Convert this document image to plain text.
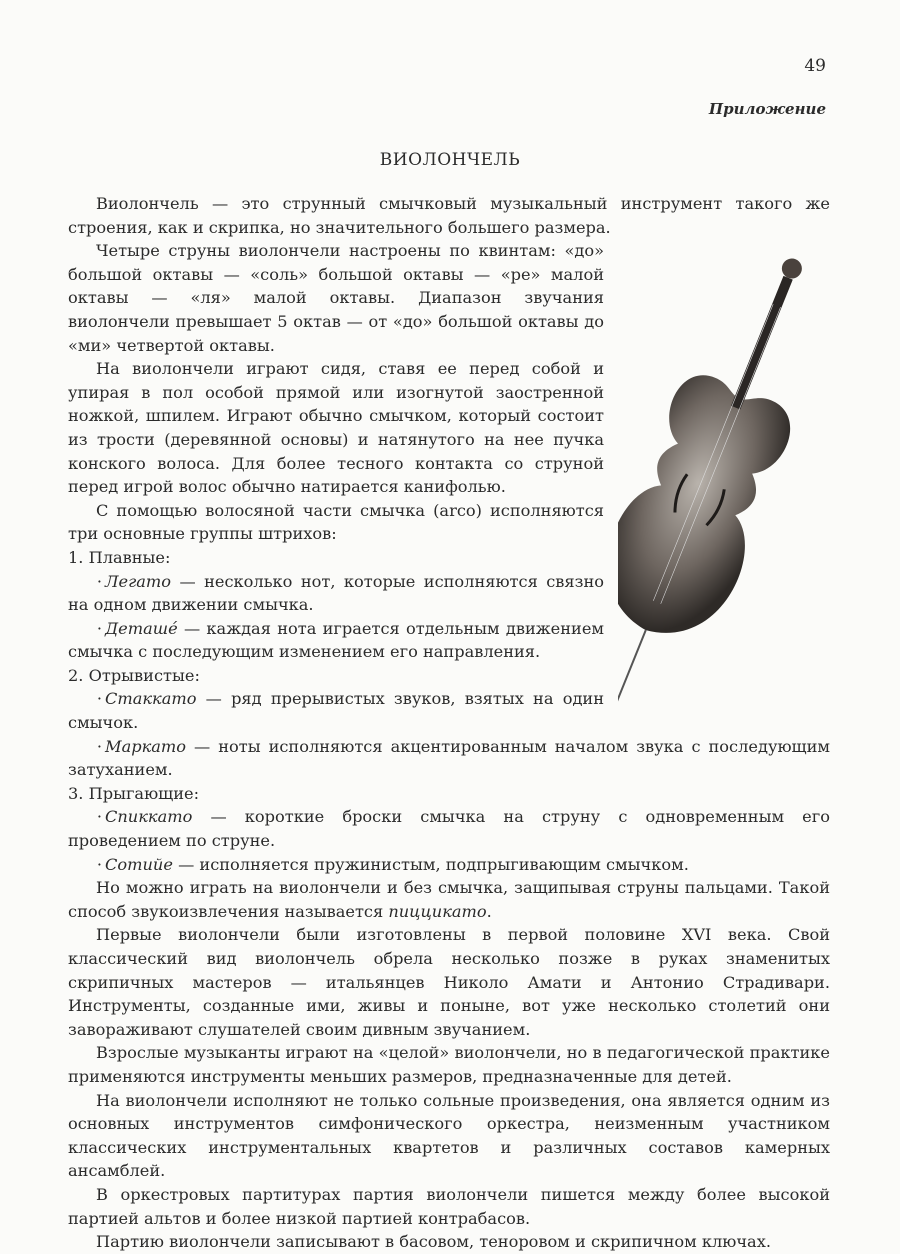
49
Приложение
ВИОЛОНЧЕЛЬ

Виолончель — это струнный смычковый музыкальный инструмент такого же строения, как и скрипка, но значительного большего размера.

Четыре струны виолончели настроены по квинтам: «до» большой октавы — «соль» большой октавы — «ре» малой октавы — «ля» малой октавы. Диапазон звучания виолончели превышает 5 октав — от «до» большой октавы до «ми» четвертой октавы.

На виолончели играют сидя, ставя ее перед собой и упирая в пол особой прямой или изогнутой заостренной ножкой, шпилем. Играют обычно смычком, который состоит из трости (деревянной основы) и натянутого на нее пучка конского волоса. Для более тесного контакта со струной перед игрой волос обычно натирается канифолью.

С помощью волосяной части смычка (arco) исполняются три основные группы штрихов:

1. Плавные:

· Легато — несколько нот, которые исполняются связно на одном движении смычка.

· Деташе́ — каждая нота играется отдельным движением смычка с последующим изменением его направления.

2. Отрывистые:

· Стаккато — ряд прерывистых звуков, взятых на один смычок.

· Маркато — ноты исполняются акцентированным началом звука с последующим затуханием.

3. Прыгающие:

· Спиккато — короткие броски смычка на струну с одновременным его проведением по струне.

· Сотийе — исполняется пружинистым, подпрыгивающим смычком.

Но можно играть на виолончели и без смычка, защипывая струны пальцами. Такой способ звукоизвлечения называется пиццикато.

Первые виолончели были изготовлены в первой половине XVI века. Свой классический вид виолончель обрела несколько позже в руках знаменитых скрипичных мастеров — итальянцев Николо Амати и Антонио Страдивари. Инструменты, созданные ими, живы и поныне, вот уже несколько столетий они завораживают слушателей своим дивным звучанием.

Взрослые музыканты играют на «целой» виолончели, но в педагогической практике применяются инструменты меньших размеров, предназначенные для детей.

На виолончели исполняют не только сольные произведения, она является одним из основных инструментов симфонического оркестра, неизменным участником классических инструментальных квартетов и различных составов камерных ансамблей.

В оркестровых партитурах партия виолончели пишется между более высокой партией альтов и более низкой партией контрабасов.

Партию виолончели записывают в басовом, теноровом и скрипичном ключах.
